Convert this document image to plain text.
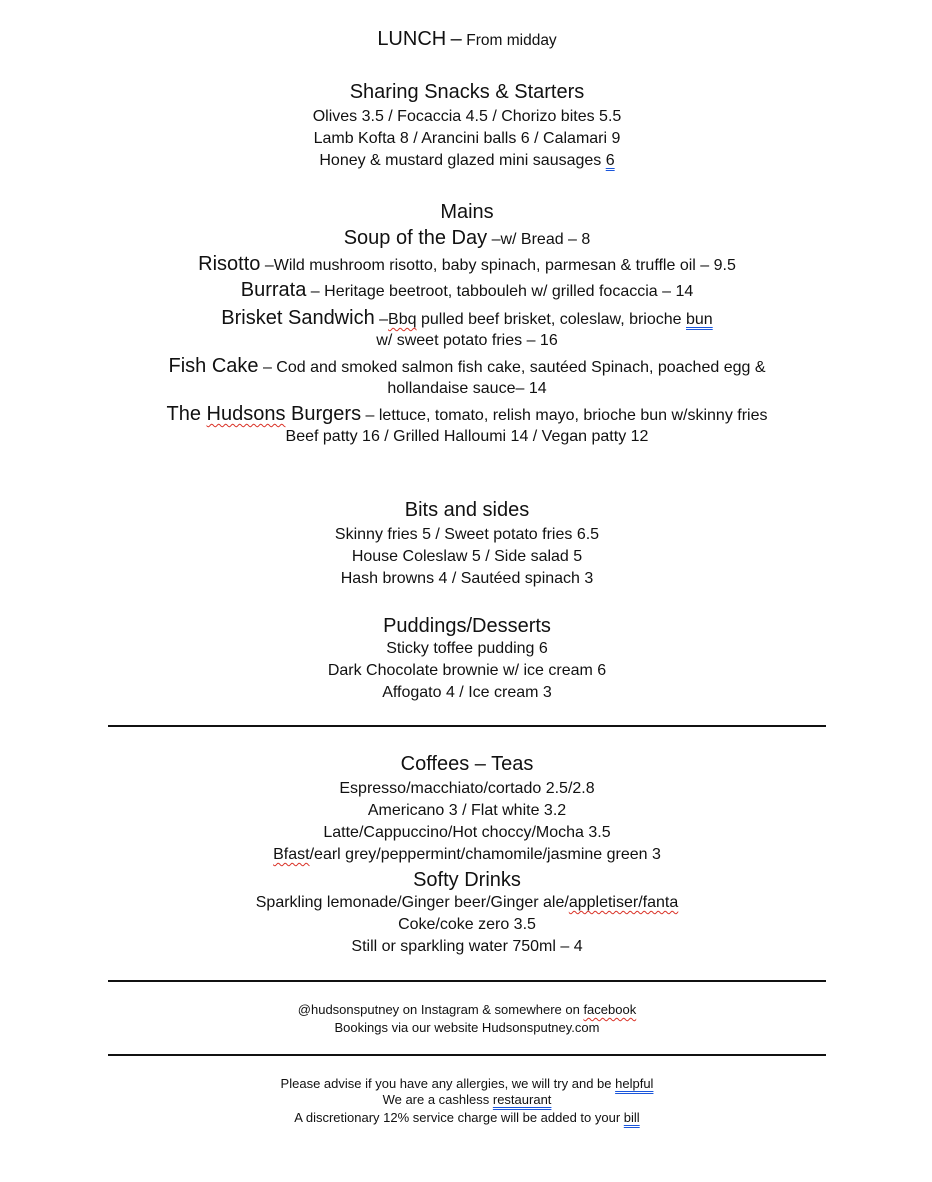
LUNCH – From midday
Sharing Snacks & Starters
Olives 3.5 / Focaccia 4.5 / Chorizo bites 5.5
Lamb Kofta 8 / Arancini balls 6 / Calamari 9
Honey & mustard glazed mini sausages 6
Mains
Soup of the Day –w/ Bread – 8
Risotto –Wild mushroom risotto, baby spinach, parmesan & truffle oil – 9.5
Burrata – Heritage beetroot, tabbouleh w/ grilled focaccia – 14
Brisket Sandwich –Bbq pulled beef brisket, coleslaw, brioche bun
w/ sweet potato fries – 16
Fish Cake – Cod and smoked salmon fish cake, sautéed Spinach, poached egg &
hollandaise sauce– 14
The Hudsons Burgers – lettuce, tomato, relish mayo, brioche bun w/skinny fries
Beef patty 16 / Grilled Halloumi 14 / Vegan patty 12
Bits and sides
Skinny fries 5 / Sweet potato fries 6.5
House Coleslaw 5 / Side salad 5
Hash browns 4 / Sautéed spinach 3
Puddings/Desserts
Sticky toffee pudding 6
Dark Chocolate brownie w/ ice cream 6
Affogato 4 / Ice cream 3
Coffees – Teas
Espresso/macchiato/cortado 2.5/2.8
Americano 3 / Flat white 3.2
Latte/Cappuccino/Hot choccy/Mocha 3.5
Bfast/earl grey/peppermint/chamomile/jasmine green 3
Softy Drinks
Sparkling lemonade/Ginger beer/Ginger ale/appletiser/fanta
Coke/coke zero 3.5
Still or sparkling water 750ml – 4
@hudsonsputney on Instagram & somewhere on facebook
Bookings via our website Hudsonsputney.com
Please advise if you have any allergies, we will try and be helpful
We are a cashless restaurant
A discretionary 12% service charge will be added to your bill
